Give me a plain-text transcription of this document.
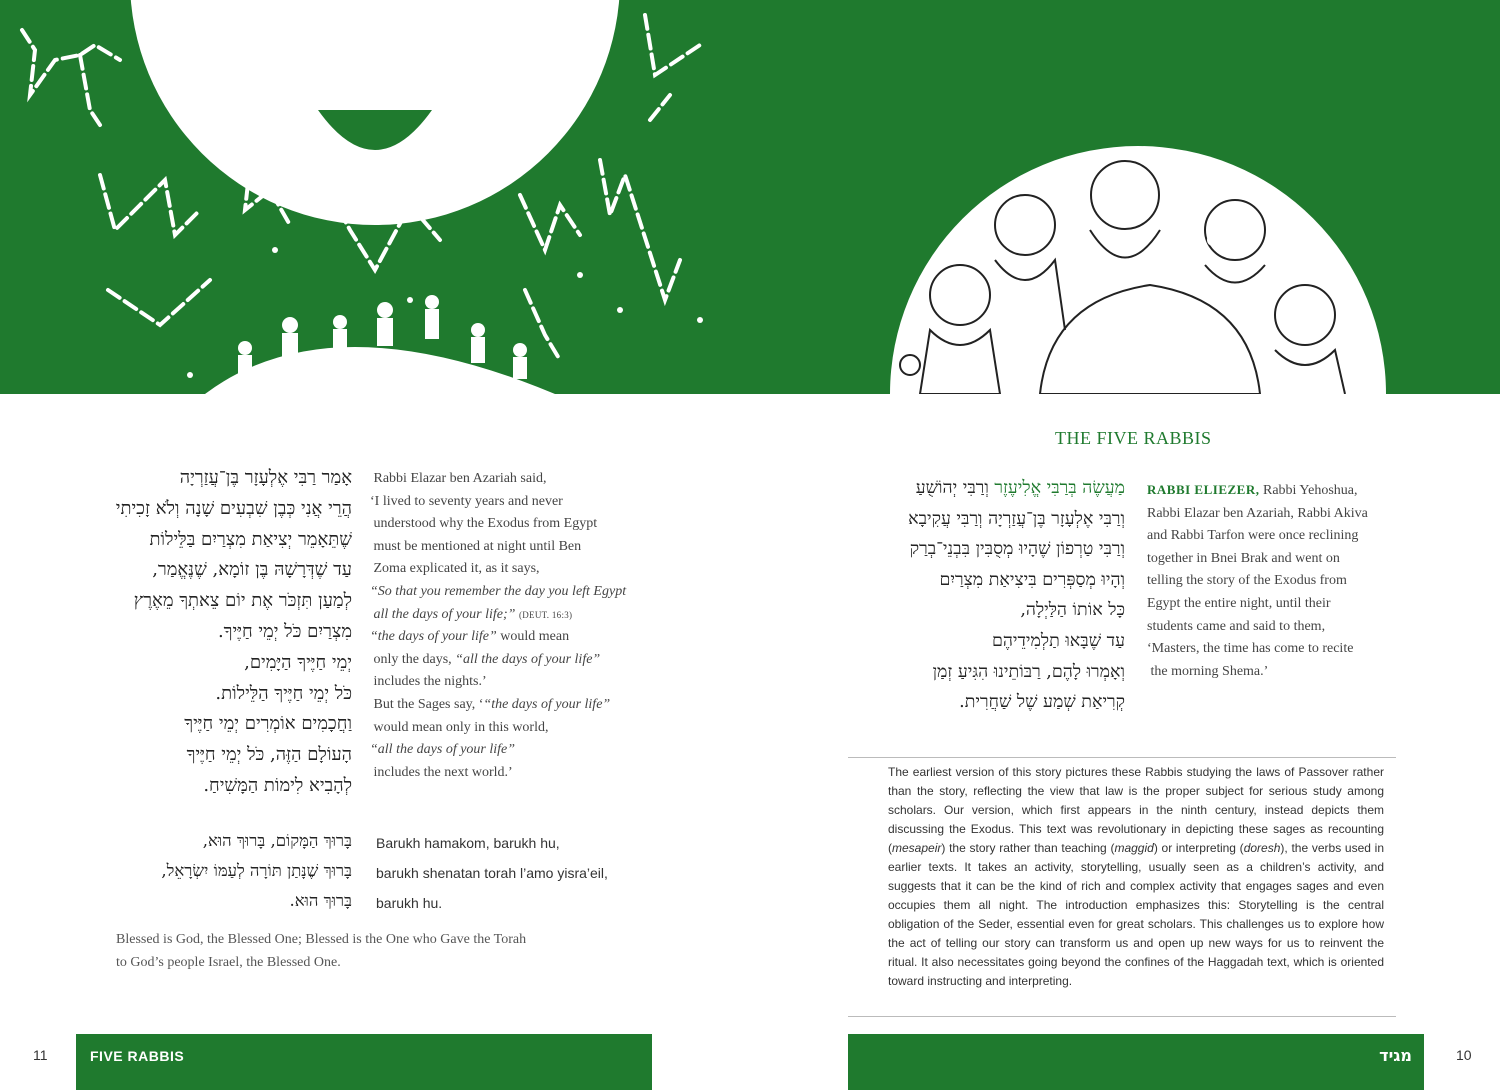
אָמַר רַבִּי אֶלְעָזָר בֶּן־עֲזַרְיָה
הֲרֵי אֲנִי כְּבֶן שִׁבְעִים שָׁנָה וְלֹא זָכִיתִי
שֶׁתֵּאָמֵר יְצִיאַת מִצְרַיִם בַּלֵּילוֹת
עַד שֶׁדְּרָשָׁהּ בֶּן זוֹמָא, שֶׁנֶּאֱמַר,
לְמַעַן תִּזְכֹּר אֶת יוֹם צֵאתְךָ מֵאֶרֶץ
מִצְרַיִם כֹּל יְמֵי חַיֶּיךָ.
יְמֵי חַיֶּיךָ הַיָּמִים,
כֹּל יְמֵי חַיֶּיךָ הַלֵּילוֹת.
וַחֲכָמִים אוֹמְרִים יְמֵי חַיֶּיךָ
הָעוֹלָם הַזֶּה, כֹּל יְמֵי חַיֶּיךָ
לְהָבִיא לִימוֹת הַמָּשִׁיחַ.
Rabbi Elazar ben Azariah said,
‘I lived to seventy years and never
understood why the Exodus from Egypt
must be mentioned at night until Ben
Zoma explicated it, as it says,
“So that you remember the day you left Egypt
all the days of your life;” (DEUT. 16:3)
“the days of your life” would mean
only the days, “all the days of your life”
includes the nights.’
But the Sages say, ‘“the days of your life”
would mean only in this world,
“all the days of your life”
includes the next world.’
בָּרוּךְ הַמָּקוֹם, בָּרוּךְ הוּא,
בָּרוּךְ שֶׁנָּתַן תּוֹרָה לְעַמּוֹ יִשְׂרָאֵל,
בָּרוּךְ הוּא.
Barukh hamakom, barukh hu,
barukh shenatan torah l’amo yisra’eil,
barukh hu.
Blessed is God, the Blessed One; Blessed is the One who Gave the Torah
to God’s people Israel, the Blessed One.
THE FIVE RABBIS
מַעֲשֶׂה בְּרַבִּי אֱלִיעֶזֶר וְרַבִּי יְהוֹשֻׁעַ
וְרַבִּי אֶלְעָזָר בֶּן־עֲזַרְיָה וְרַבִּי עֲקִיבָא
וְרַבִּי טַרְפוֹן שֶׁהָיוּ מְסֻבִּין בִּבְנֵי־בְרַק
וְהָיוּ מְסַפְּרִים בִּיצִיאַת מִצְרַיִם
כָּל אוֹתוֹ הַלַּיְלָה,
עַד שֶׁבָּאוּ תַלְמִידֵיהֶם
וְאָמְרוּ לָהֶם, רַבּוֹתֵינוּ הִגִּיעַ זְמַן
קְרִיאַת שְׁמַע שֶׁל שַׁחֲרִית.
RABBI ELIEZER, Rabbi Yehoshua,
Rabbi Elazar ben Azariah, Rabbi Akiva
and Rabbi Tarfon were once reclining
together in Bnei Brak and went on
telling the story of the Exodus from
Egypt the entire night, until their
students came and said to them,
‘Masters, the time has come to recite
the morning Shema.’
The earliest version of this story pictures these Rabbis studying the laws of Passover rather than the story, reflecting the view that law is the proper subject for serious study among scholars. Our version, which first appears in the ninth century, instead depicts them discussing the Exodus. This text was revolutionary in depicting these sages as recounting (mesapeir) the story rather than teaching (maggid) or interpreting (doresh), the verbs used in earlier texts. It takes an activity, storytelling, usually seen as a children’s activity, and suggests that it can be the kind of rich and complex activity that engages sages and even occupies them all night. The introduction emphasizes this: Storytelling is the central obligation of the Seder, essential even for great scholars. This challenges us to explore how the act of telling our story can transform us and open up new ways for us to reinvent the ritual. It also necessitates going beyond the confines of the Haggadah text, which is oriented toward instructing and interpreting.
11	FIVE RABBIS	מגיד	10
